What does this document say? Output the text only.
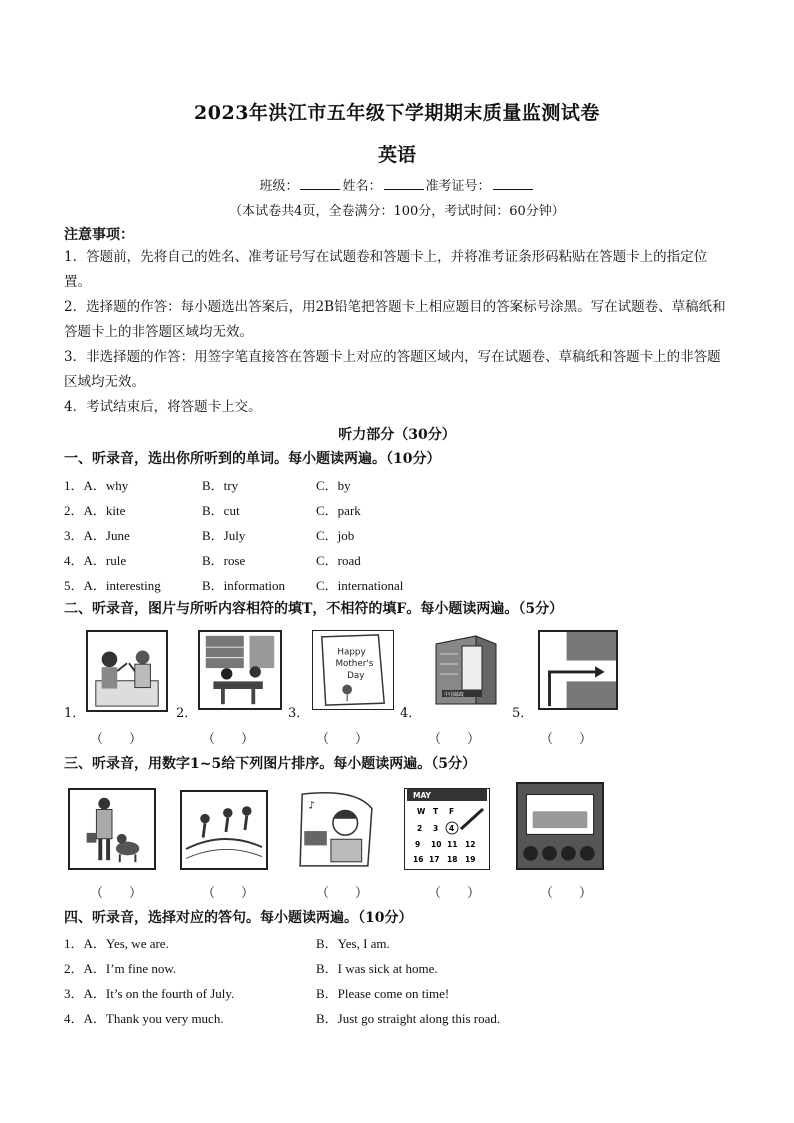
2023年洪江市五年级下学期期末质量监测试卷
英语
班级：	姓名：	准考证号：
（本试卷共4页，全卷满分：100分，考试时间：60分钟）
注意事项：
1．答题前，先将自己的姓名、准考证号写在试题卷和答题卡上，并将准考证条形码粘贴在答题卡上的指定位置。
2．选择题的作答：每小题选出答案后，用2B铅笔把答题卡上相应题目的答案标号涂黑。写在试题卷、草稿纸和答题卡上的非答题区域均无效。
3．非选择题的作答：用签字笔直接答在答题卡上对应的答题区域内，写在试题卷、草稿纸和答题卡上的非答题区域均无效。
4．考试结束后，将答题卡上交。
听力部分（30分）
一、听录音，选出你所听到的单词。每小题读两遍。（10分）
1．A．why	B．try	C．by
2．A．kite	B．cut	C．park
3．A．June	B．July	C．job
4．A．rule	B．rose	C．road
5．A．interesting	B．information C．international
二、听录音，图片与所听内容相符的填T，不相符的填F。每小题读两遍。（5分）
1．	2．
Happy
Mother's
Day
3．
中国邮政
4．	5．
（　　）	（　　）	（　　）	（　　）	（　　）
三、听录音，用数字1~5给下列图片排序。每小题读两遍。（5分）
♪
MAY
W T F
2 3 4
9 10 11 12
16 17 18 19
（　　）	（　　）	（　　）	（　　）	（　　）
四、听录音，选择对应的答句。每小题读两遍。（10分）
1．A．Yes, we are.	B．Yes, I am.
2．A．I’m fine now.	B．I was sick at home.
3．A．It’s on the fourth of July.	B．Please come on time!
4．A．Thank you very much.	B．Just go straight along this road.
